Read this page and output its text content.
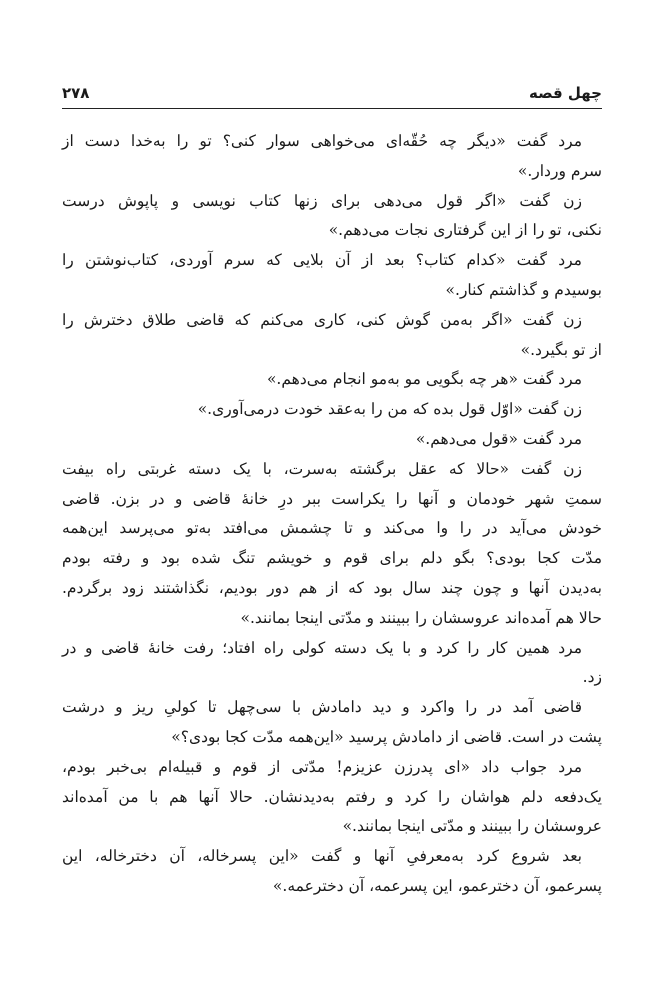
چهل قصه
۲۷۸
مرد گفت «دیگر چه حُقّه‌ای می‌خواهی سوار کنی؟ تو را به‌خدا دست از
سرم وردار.»
زن گفت «اگر قول می‌دهی برای زنها کتاب نویسی و پاپوش درست
نکنی، تو را از این گرفتاری نجات می‌دهم.»
مرد گفت «کدام کتاب؟ بعد از آن بلایی که سرم آوردی، کتاب‌نوشتن را
بوسیدم و گذاشتم کنار.»
زن گفت «اگر به‌من گوش کنی، کاری می‌کنم که قاضی طلاق دخترش را
از تو بگیرد.»
مرد گفت «هر چه بگویی مو به‌مو انجام می‌دهم.»
زن گفت «اوّل قول بده که من را به‌عقد خودت درمی‌آوری.»
مرد گفت «قول می‌دهم.»
زن گفت «حالا که عقل برگشته به‌سرت، با یک دسته غربتی راه بیفت
سمتِ شهر خودمان و آنها را یکراست ببر درِ خانهٔ قاضی و در بزن. قاضی
خودش می‌آید در را وا می‌کند و تا چشمش می‌افتد به‌تو می‌پرسد این‌همه
مدّت کجا بودی؟ بگو دلم برای قوم و خویشم تنگ شده بود و رفته بودم
به‌دیدن آنها و چون چند سال بود که از هم دور بودیم، نگذاشتند زود برگردم.
حالا هم آمده‌اند عروسشان را ببینند و مدّتی اینجا بمانند.»
مرد همین کار را کرد و با یک دسته کولی راه افتاد؛ رفت خانهٔ قاضی و در
زد.
قاضی آمد در را واکرد و دید دامادش با سی‌چهل تا کولیِ ریز و درشت
پشت در است. قاضی از دامادش پرسید «این‌همه مدّت کجا بودی؟»
مرد جواب داد «ای پدرزن عزیزم! مدّتی از قوم و قبیله‌ام بی‌خبر بودم،
یک‌دفعه دلم هواشان را کرد و رفتم به‌دیدنشان. حالا آنها هم با من آمده‌اند
عروسشان را ببینند و مدّتی اینجا بمانند.»
بعد شروع کرد به‌معرفیِ آنها و گفت «این پسرخاله، آن دخترخاله، این
پسرعمو، آن دخترعمو، این پسرعمه، آن دخترعمه.»
